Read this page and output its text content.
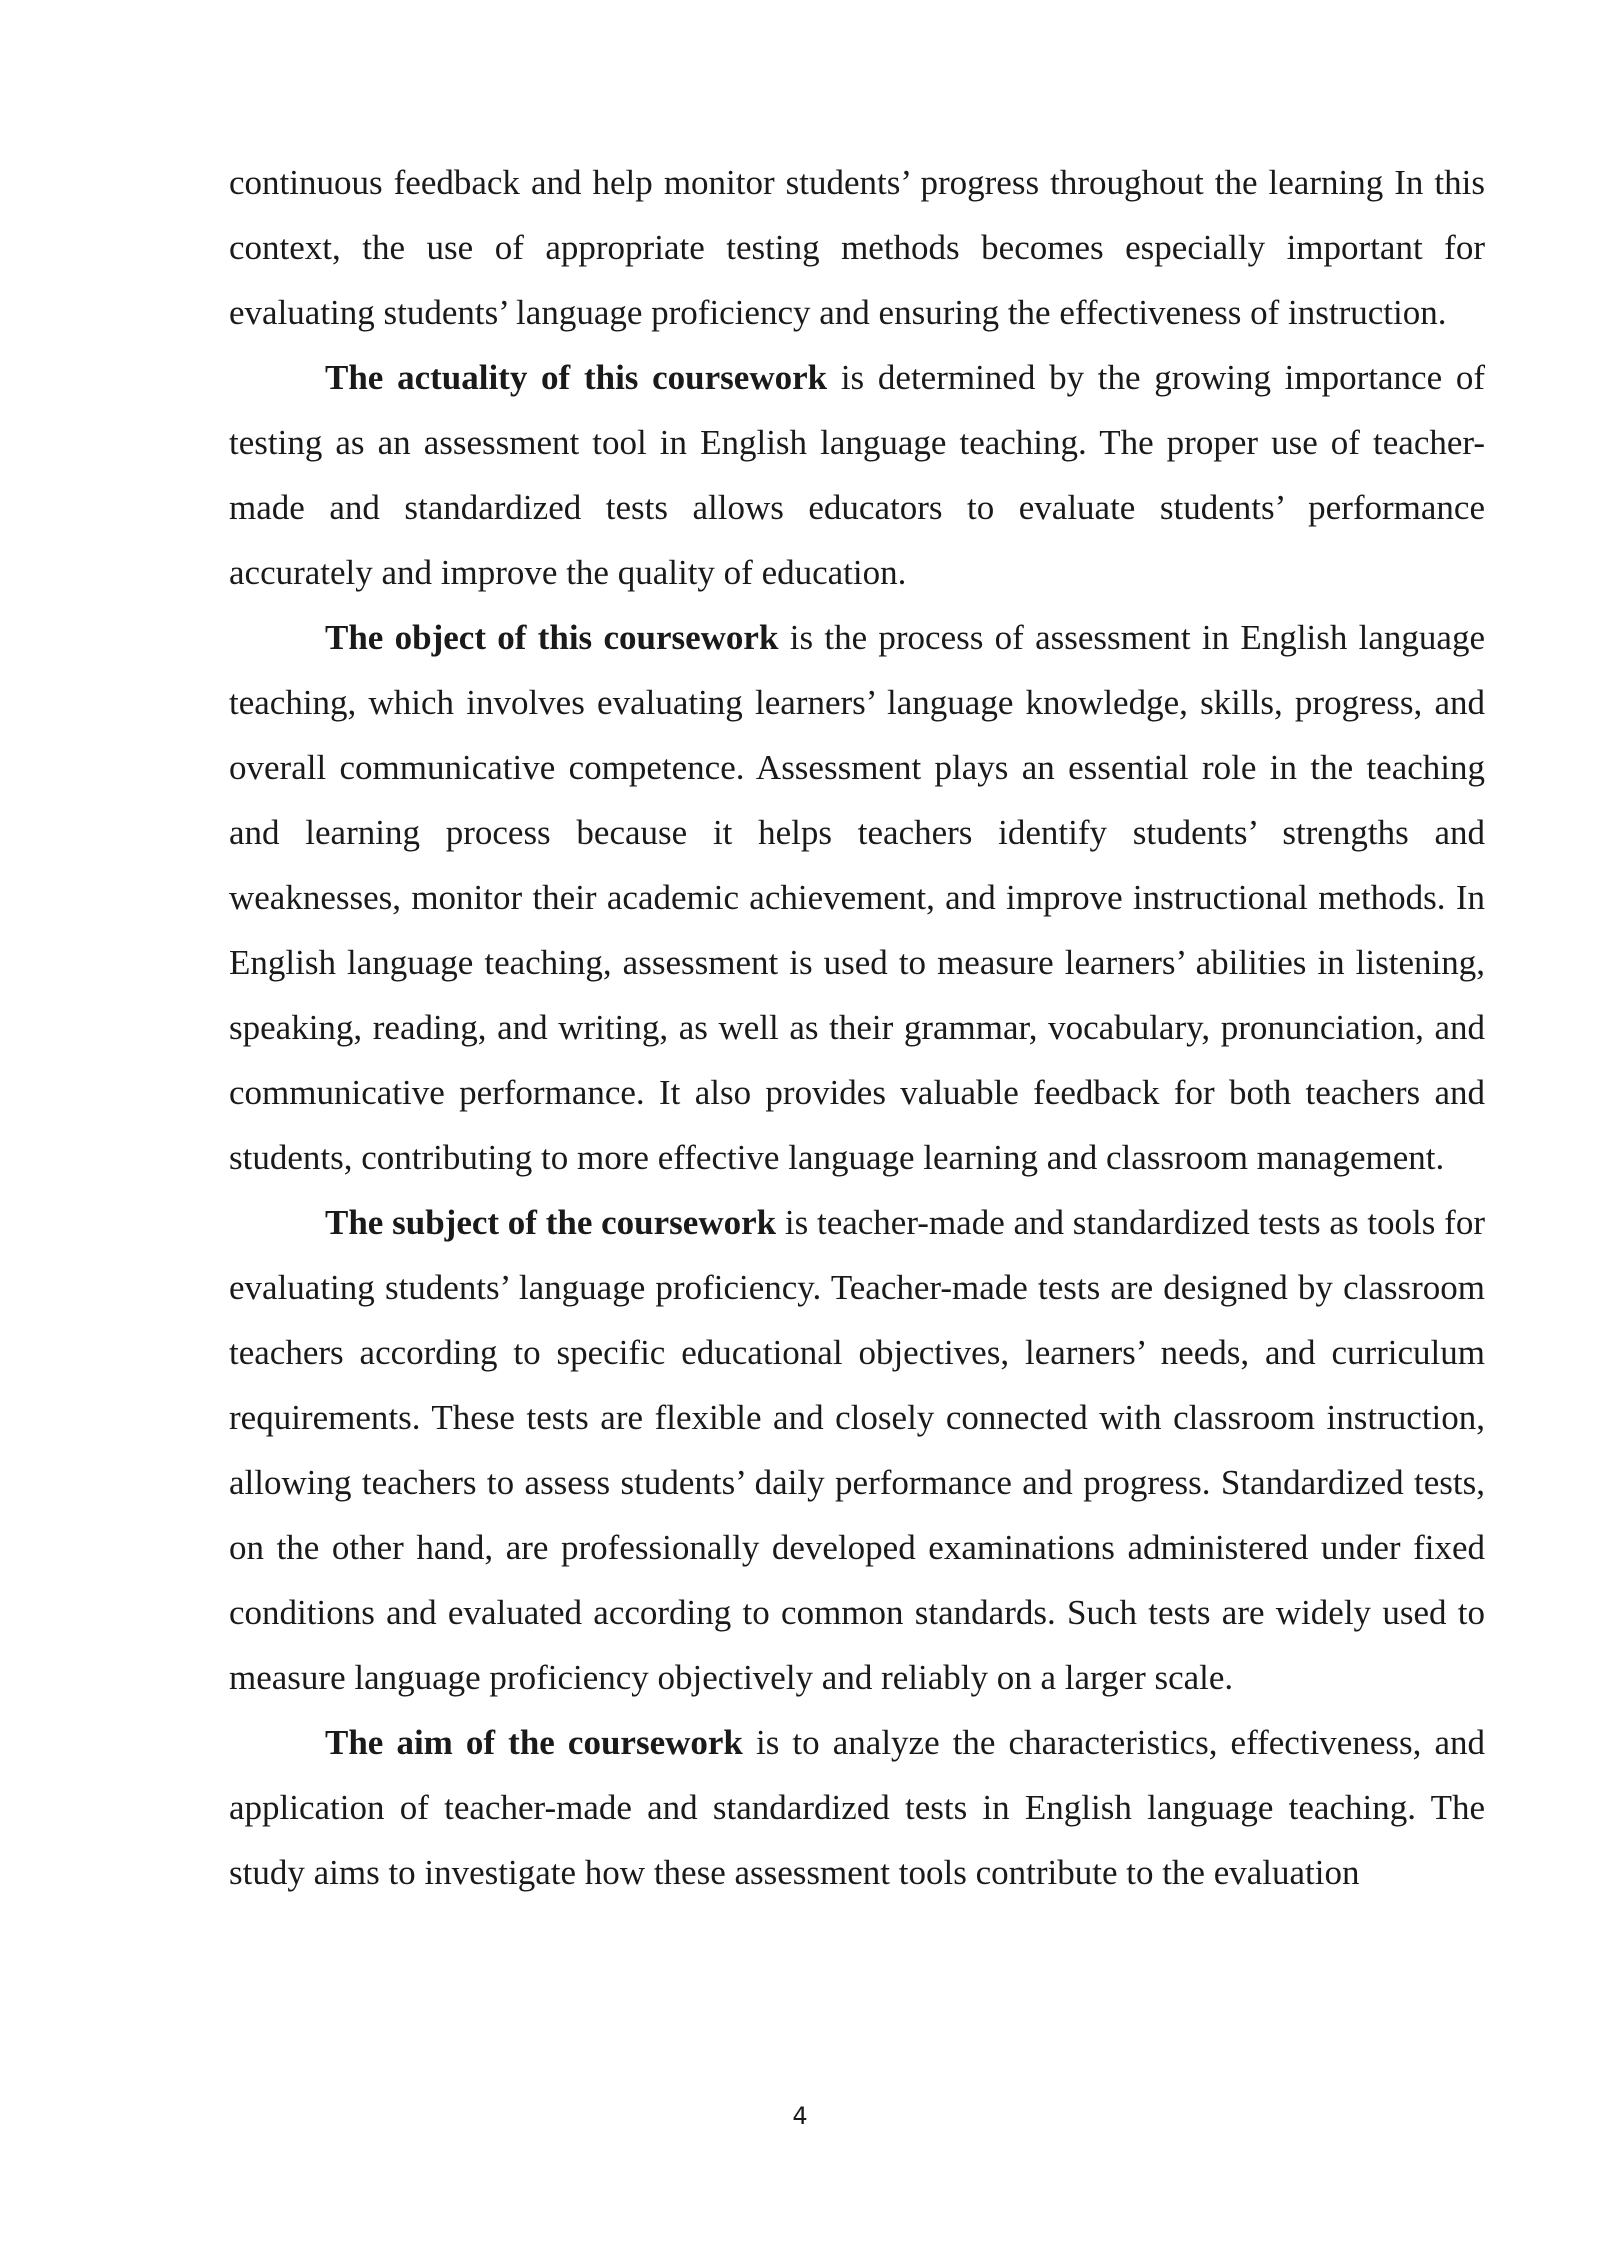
continuous feedback and help monitor students’ progress throughout the learning In this context, the use of appropriate testing methods becomes especially important for evaluating students’ language proficiency and ensuring the effectiveness of instruction.

The actuality of this coursework is determined by the growing importance of testing as an assessment tool in English language teaching. The proper use of teacher-made and standardized tests allows educators to evaluate students’ performance accurately and improve the quality of education.

The object of this coursework is the process of assessment in English language teaching, which involves evaluating learners’ language knowledge, skills, progress, and overall communicative competence. Assessment plays an essential role in the teaching and learning process because it helps teachers identify students’ strengths and weaknesses, monitor their academic achievement, and improve instructional methods. In English language teaching, assessment is used to measure learners’ abilities in listening, speaking, reading, and writing, as well as their grammar, vocabulary, pronunciation, and communicative performance. It also provides valuable feedback for both teachers and students, contributing to more effective language learning and classroom management.

The subject of the coursework is teacher-made and standardized tests as tools for evaluating students’ language proficiency. Teacher-made tests are designed by classroom teachers according to specific educational objectives, learners’ needs, and curriculum requirements. These tests are flexible and closely connected with classroom instruction, allowing teachers to assess students’ daily performance and progress. Standardized tests, on the other hand, are professionally developed examinations administered under fixed conditions and evaluated according to common standards. Such tests are widely used to measure language proficiency objectively and reliably on a larger scale.

The aim of the coursework is to analyze the characteristics, effectiveness, and application of teacher-made and standardized tests in English language teaching. The study aims to investigate how these assessment tools contribute to the evaluation

4
